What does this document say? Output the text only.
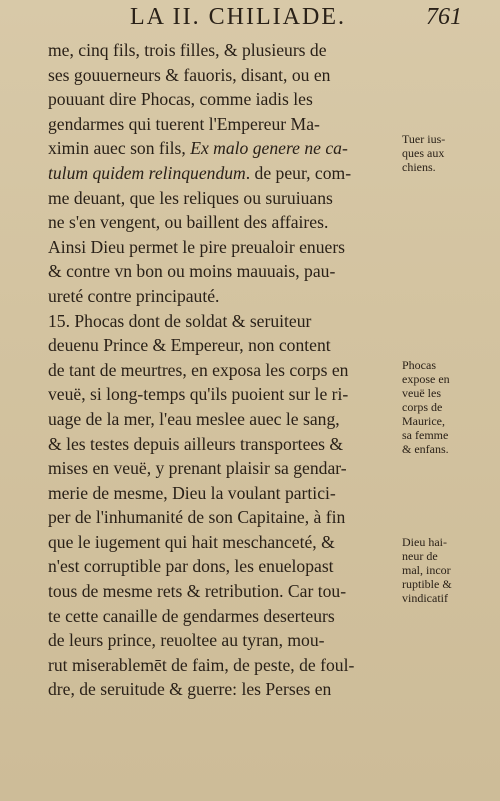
LA II. CHILIADE.	761
me, cinq fils, trois filles, & plusieurs de
ses gouuerneurs & fauoris, disant, ou en
pouuant dire Phocas, comme iadis les
gendarmes qui tuerent l'Empereur Ma-
ximin auec son fils, Ex malo genere ne ca-
tulum quidem relinquendum. de peur, com-
me deuant, que les reliques ou suruiuans
ne s'en vengent, ou baillent des affaires.
Ainsi Dieu permet le pire preualoir enuers
& contre vn bon ou moins mauuais, pau-
ureté contre principauté.
15. Phocas dont de soldat & seruiteur
deuenu Prince & Empereur, non content
de tant de meurtres, en exposa les corps en
veuë, si long-temps qu'ils puoient sur le ri-
uage de la mer, l'eau meslee auec le sang,
& les testes depuis ailleurs transportees &
mises en veuë, y prenant plaisir sa gendar-
merie de mesme, Dieu la voulant partici-
per de l'inhumanité de son Capitaine, à fin
que le iugement qui hait meschanceté, &
n'est corruptible par dons, les enuelopast
tous de mesme rets & retribution. Car tou-
te cette canaille de gendarmes deserteurs
de leurs prince, reuoltee au tyran, mou-
rut miserablemēt de faim, de peste, de foul-
dre, de seruitude & guerre: les Perses en
Tuer ius-
ques aux
chiens.
Phocas
expose en
veuë les
corps de
Maurice,
sa femme
& enfans.
Dieu hai-
neur de
mal, incor
ruptible &
vindicatif
